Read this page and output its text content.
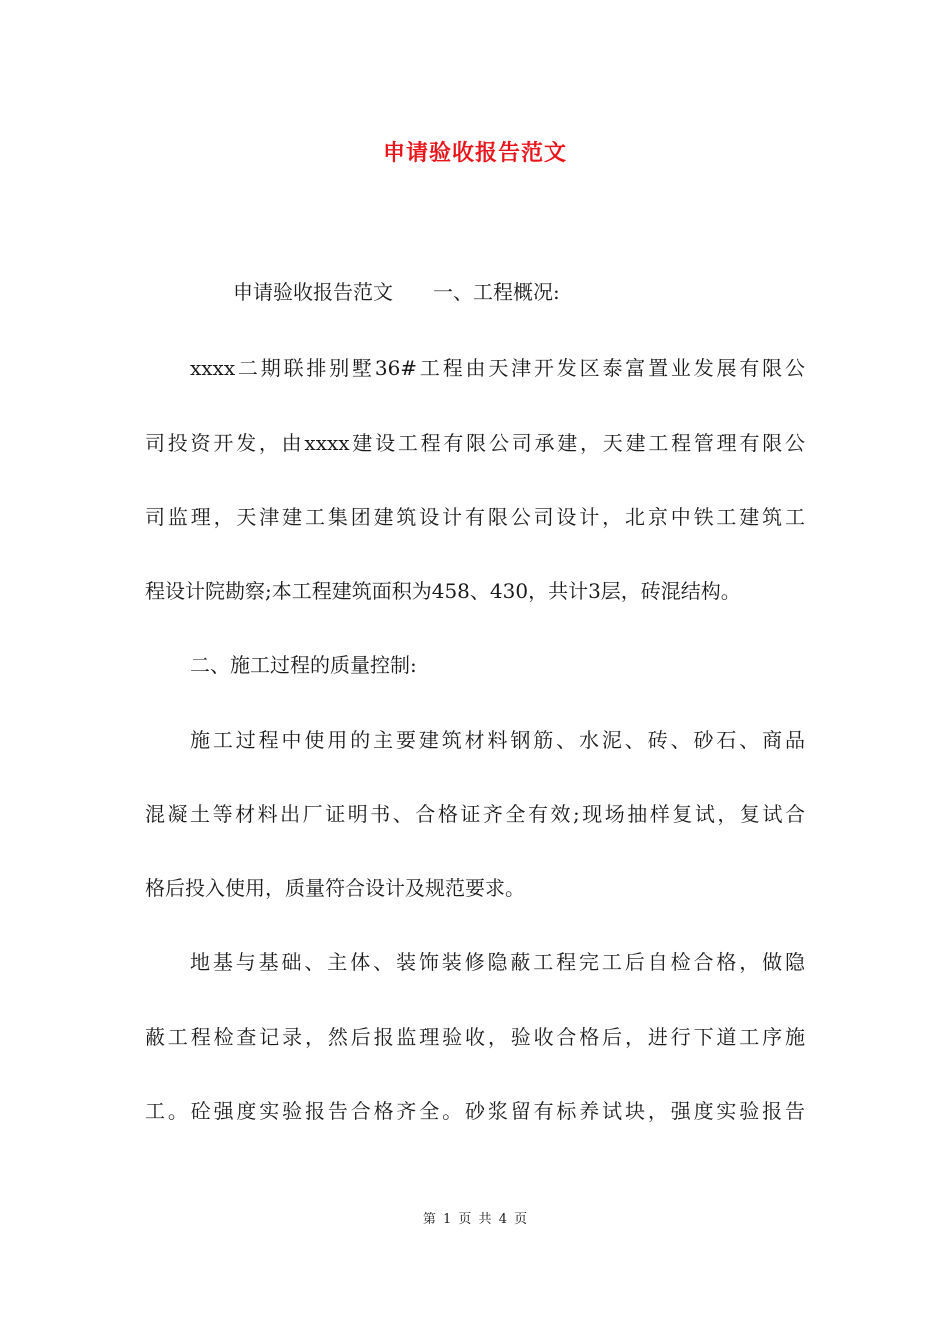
申请验收报告范文
申请验收报告范文　　一、工程概况:
xxxx二期联排别墅36#工程由天津开发区泰富置业发展有限公
司投资开发，由xxxx建设工程有限公司承建，天建工程管理有限公
司监理，天津建工集团建筑设计有限公司设计，北京中铁工建筑工
程设计院勘察;本工程建筑面积为458、430，共计3层，砖混结构。
二、施工过程的质量控制:
施工过程中使用的主要建筑材料钢筋、水泥、砖、砂石、商品
混凝土等材料出厂证明书、合格证齐全有效;现场抽样复试，复试合
格后投入使用，质量符合设计及规范要求。
地基与基础、主体、装饰装修隐蔽工程完工后自检合格，做隐
蔽工程检查记录，然后报监理验收，验收合格后，进行下道工序施
工。砼强度实验报告合格齐全。砂浆留有标养试块，强度实验报告
第 1 页 共 4 页
